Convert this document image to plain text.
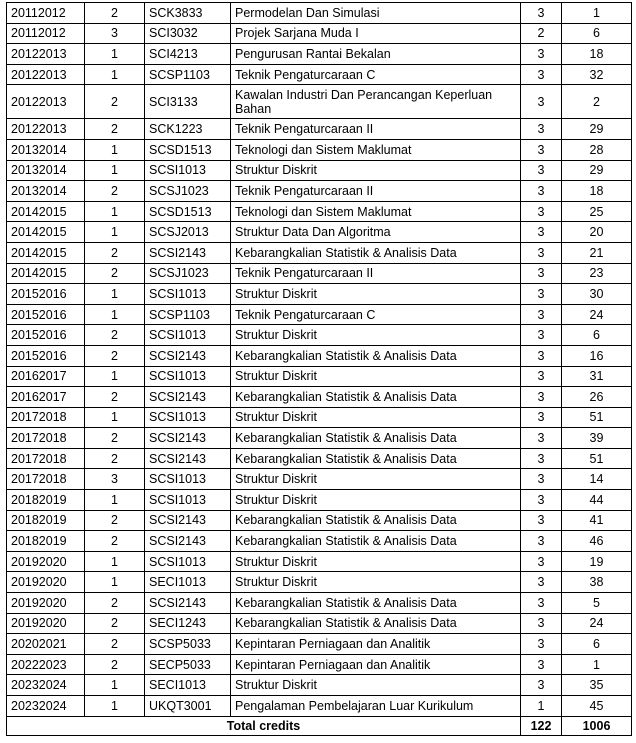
20112012	2	SCK3833	Permodelan Dan Simulasi	3	1
20112012	3	SCI3032	Projek Sarjana Muda I	2	6
20122013	1	SCI4213	Pengurusan Rantai Bekalan	3	18
20122013	1	SCSP1103	Teknik Pengaturcaraan C	3	32
20122013	2	SCI3133	Kawalan Industri Dan Perancangan Keperluan Bahan	3	2
20122013	2	SCK1223	Teknik Pengaturcaraan II	3	29
20132014	1	SCSD1513	Teknologi dan Sistem Maklumat	3	28
20132014	1	SCSI1013	Struktur Diskrit	3	29
20132014	2	SCSJ1023	Teknik Pengaturcaraan II	3	18
20142015	1	SCSD1513	Teknologi dan Sistem Maklumat	3	25
20142015	1	SCSJ2013	Struktur Data Dan Algoritma	3	20
20142015	2	SCSI2143	Kebarangkalian Statistik & Analisis Data	3	21
20142015	2	SCSJ1023	Teknik Pengaturcaraan II	3	23
20152016	1	SCSI1013	Struktur Diskrit	3	30
20152016	1	SCSP1103	Teknik Pengaturcaraan C	3	24
20152016	2	SCSI1013	Struktur Diskrit	3	6
20152016	2	SCSI2143	Kebarangkalian Statistik & Analisis Data	3	16
20162017	1	SCSI1013	Struktur Diskrit	3	31
20162017	2	SCSI2143	Kebarangkalian Statistik & Analisis Data	3	26
20172018	1	SCSI1013	Struktur Diskrit	3	51
20172018	2	SCSI2143	Kebarangkalian Statistik & Analisis Data	3	39
20172018	2	SCSI2143	Kebarangkalian Statistik & Analisis Data	3	51
20172018	3	SCSI1013	Struktur Diskrit	3	14
20182019	1	SCSI1013	Struktur Diskrit	3	44
20182019	2	SCSI2143	Kebarangkalian Statistik & Analisis Data	3	41
20182019	2	SCSI2143	Kebarangkalian Statistik & Analisis Data	3	46
20192020	1	SCSI1013	Struktur Diskrit	3	19
20192020	1	SECI1013	Struktur Diskrit	3	38
20192020	2	SCSI2143	Kebarangkalian Statistik & Analisis Data	3	5
20192020	2	SECI1243	Kebarangkalian Statistik & Analisis Data	3	24
20202021	2	SCSP5033	Kepintaran Perniagaan dan Analitik	3	6
20222023	2	SECP5033	Kepintaran Perniagaan dan Analitik	3	1
20232024	1	SECI1013	Struktur Diskrit	3	35
20232024	1	UKQT3001	Pengalaman Pembelajaran Luar Kurikulum	1	45
Total credits				122	1006
